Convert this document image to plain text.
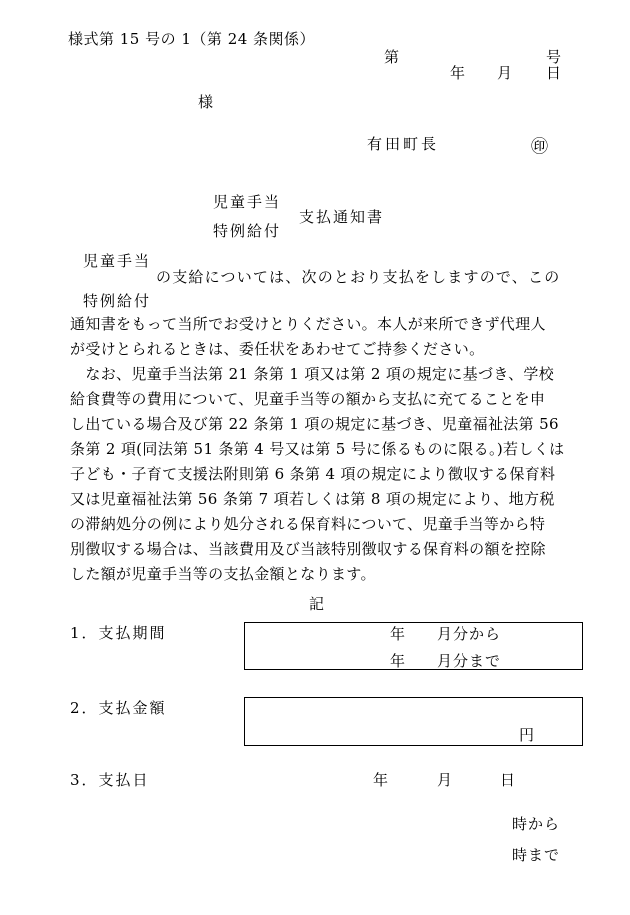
様式第 15 号の 1（第 24 条関係）
第	号
年 月 日
様
有田町長	㊞
児童手当
支払通知書
特例給付
児童手当
の支給については、次のとおり支払をしますので、この
特例給付
通知書をもって当所でお受けとりください。本人が来所できず代理人
が受けとられるときは、委任状をあわせてご持参ください。
　なお、児童手当法第 21 条第 1 項又は第 2 項の規定に基づき、学校
給食費等の費用について、児童手当等の額から支払に充てることを申
し出ている場合及び第 22 条第 1 項の規定に基づき、児童福祉法第 56
条第 2 項(同法第 51 条第 4 号又は第 5 号に係るものに限る。)若しくは
子ども・子育て支援法附則第 6 条第 4 項の規定により徴収する保育料
又は児童福祉法第 56 条第 7 項若しくは第 8 項の規定により、地方税
の滞納処分の例により処分される保育料について、児童手当等から特
別徴収する場合は、当該費用及び当該特別徴収する保育料の額を控除
した額が児童手当等の支払金額となります。
記
1．支払期間	年 月分から
年 月分まで
2．支払金額
円
3．支払日	年	月	日
時から
時まで
